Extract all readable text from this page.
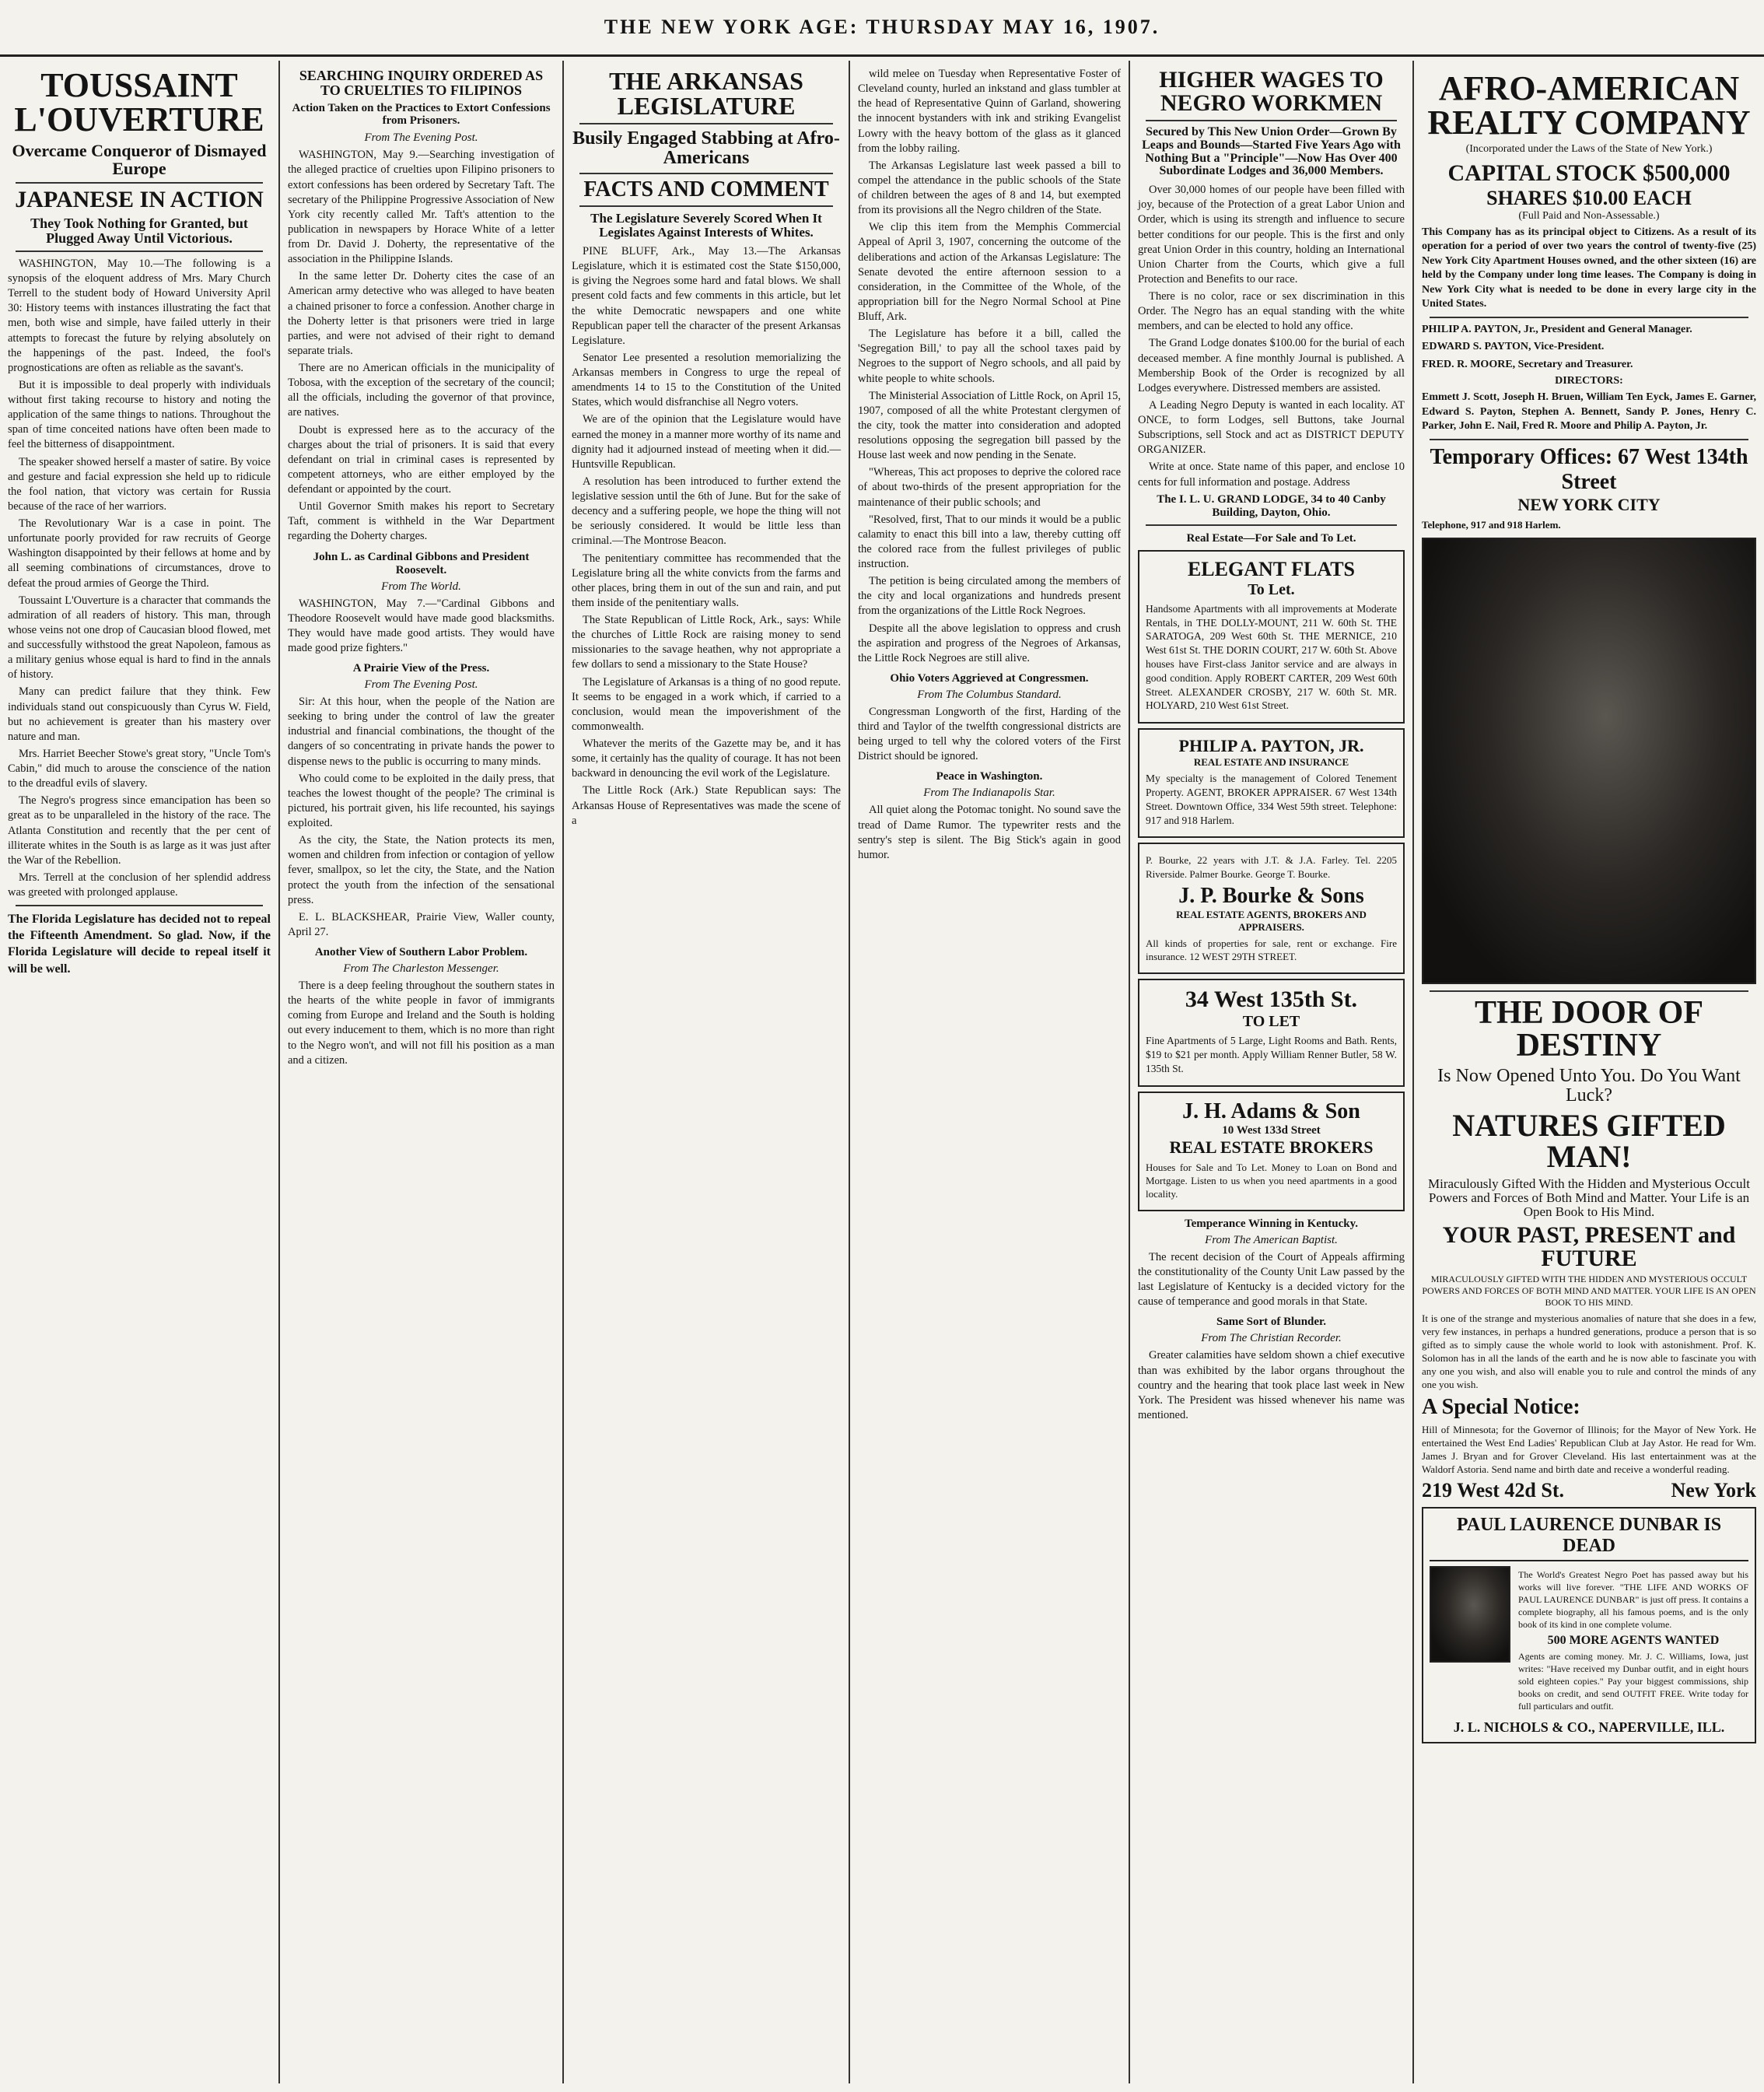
THE NEW YORK AGE: THURSDAY MAY 16, 1907.
TOUSSAINT L'OUVERTURE
Overcame Conqueror of Dismayed Europe
JAPANESE IN ACTION
They Took Nothing for Granted, but Plugged Away Until Victorious.

WASHINGTON, May 10.—The following is a synopsis of the eloquent address of Mrs. Mary Church Terrell to the student body of Howard University April 30: History teems with instances illustrating the fact that men, both wise and simple, have failed utterly in their attempts to forecast the future by relying absolutely on the happenings of the past. Indeed, the fool's prognostications are often as reliable as the savant's.

But it is impossible to deal properly with individuals without first taking recourse to history and noting the application of the same things to nations. Throughout the span of time conceited nations have often been made to feel the bitterness of disappointment.

The speaker showed herself a master of satire. By voice and gesture and facial expression she held up to ridicule the fool nation, that victory was certain for Russia because of the race of her warriors.

The Revolutionary War is a case in point. The unfortunate poorly provided for raw recruits of George Washington disappointed by their fellows at home and by all seeming combinations of circumstances, drove to defeat the proud armies of George the Third.

Toussaint L'Ouverture is a character that commands the admiration of all readers of history. This man, through whose veins not one drop of Caucasian blood flowed, met and successfully withstood the great Napoleon, famous as a military genius whose equal is hard to find in the annals of history.

Many can predict failure that they think. Few individuals stand out conspicuously than Cyrus W. Field, but no achievement is greater than his mastery over nature and man.

Mrs. Harriet Beecher Stowe's great story, "Uncle Tom's Cabin," did much to arouse the conscience of the nation to the dreadful evils of slavery.

The Negro's progress since emancipation has been so great as to be unparalleled in the history of the race. The Atlanta Constitution and recently that the per cent of illiterate whites in the South is as large as it was just after the War of the Rebellion.

Mrs. Terrell at the conclusion of her splendid address was greeted with prolonged applause.

The Florida Legislature has decided not to repeal the Fifteenth Amendment. So glad. Now, if the Florida Legislature will decide to repeal itself it will be well.
SEARCHING INQUIRY ORDERED AS TO CRUELTIES TO FILIPINOS
Action Taken on the Practices to Extort Confessions from Prisoners.
From The Evening Post.

WASHINGTON, May 9.—Searching investigation of the alleged practice of cruelties upon Filipino prisoners to extort confessions has been ordered by Secretary Taft. The secretary of the Philippine Progressive Association of New York city recently called Mr. Taft's attention to the publication in newspapers by Horace White of a letter from Dr. David J. Doherty, the representative of the association in the Philippine Islands.

In the same letter Dr. Doherty cites the case of an American army detective who was alleged to have beaten a chained prisoner to force a confession. Another charge in the Doherty letter is that prisoners were tried in large parties, and were not advised of their right to demand separate trials.

There are no American officials in the municipality of Tobosa, with the exception of the secretary of the council; all the officials, including the governor of that province, are natives.

Doubt is expressed here as to the accuracy of the charges about the trial of prisoners. It is said that every defendant on trial in criminal cases is represented by competent attorneys, who are either employed by the defendant or appointed by the court.

Until Governor Smith makes his report to Secretary Taft, comment is withheld in the War Department regarding the Doherty charges.

John L. as Cardinal Gibbons and President Roosevelt.
From The World.

WASHINGTON, May 7.—"Cardinal Gibbons and Theodore Roosevelt would have made good blacksmiths. They would have made good artists. They would have made good prize fighters."

A Prairie View of the Press.
From The Evening Post.

Sir: At this hour, when the people of the Nation are seeking to bring under the control of law the greater industrial and financial combinations, the thought of the dangers of so concentrating in private hands the power to dispense news to the public is occurring to many minds.

Who could come to be exploited in the daily press, that teaches the lowest thought of the people? The criminal is pictured, his portrait given, his life recounted, his sayings exploited.

As the city, the State, the Nation protects its men, women and children from infection or contagion of yellow fever, smallpox, so let the city, the State, and the Nation protect the youth from the infection of the sensational press.

E. L. BLACKSHEAR, Prairie View, Waller county, April 27.

Another View of Southern Labor Problem.
From The Charleston Messenger.

There is a deep feeling throughout the southern states in the hearts of the white people in favor of immigrants coming from Europe and Ireland and the South is holding out every inducement to them, which is no more than right to the Negro won't, and will not fill his position as a man and a citizen.

THE ARKANSAS LEGISLATURE
Busily Engaged Stabbing at Afro-Americans
FACTS AND COMMENT
The Legislature Severely Scored When It Legislates Against Interests of Whites.

PINE BLUFF, Ark., May 13.—The Arkansas Legislature, which it is estimated cost the State $150,000, is giving the Negroes some hard and fatal blows. We shall present cold facts and few comments in this article, but let the white Democratic newspapers and one white Republican paper tell the character of the present Arkansas Legislature.

Senator Lee presented a resolution memorializing the Arkansas members in Congress to urge the repeal of amendments 14 to 15 to the Constitution of the United States, which would disfranchise all Negro voters.

We are of the opinion that the Legislature would have earned the money in a manner more worthy of its name and dignity had it adjourned instead of meeting when it did.—Huntsville Republican.

A resolution has been introduced to further extend the legislative session until the 6th of June. But for the sake of decency and a suffering people, we hope the thing will not be seriously considered. It would be little less than criminal.—The Montrose Beacon.

The penitentiary committee has recommended that the Legislature bring all the white convicts from the farms and other places, bring them in out of the sun and rain, and put them inside of the penitentiary walls.

The State Republican of Little Rock, Ark., says: While the churches of Little Rock are raising money to send missionaries to the savage heathen, why not appropriate a few dollars to send a missionary to the State House?

The Legislature of Arkansas is a thing of no good repute. It seems to be engaged in a work which, if carried to a conclusion, would mean the impoverishment of the commonwealth.

Whatever the merits of the Gazette may be, and it has some, it certainly has the quality of courage. It has not been backward in denouncing the evil work of the Legislature.

The Little Rock (Ark.) State Republican says: The Arkansas House of Representatives was made the scene of a

wild melee on Tuesday when Representative Foster of Cleveland county, hurled an inkstand and glass tumbler at the head of Representative Quinn of Garland, showering the innocent bystanders with ink and striking Evangelist Lowry with the heavy bottom of the glass as it glanced from the lobby railing.

The Arkansas Legislature last week passed a bill to compel the attendance in the public schools of the State of children between the ages of 8 and 14, but exempted from its provisions all the Negro children of the State.

We clip this item from the Memphis Commercial Appeal of April 3, 1907, concerning the outcome of the deliberations and action of the Arkansas Legislature: The Senate devoted the entire afternoon session to a consideration, in the Committee of the Whole, of the appropriation bill for the Negro Normal School at Pine Bluff, Ark.

The Legislature has before it a bill, called the 'Segregation Bill,' to pay all the school taxes paid by Negroes to the support of Negro schools, and all paid by white people to white schools.

The Ministerial Association of Little Rock, on April 15, 1907, composed of all the white Protestant clergymen of the city, took the matter into consideration and adopted resolutions opposing the segregation bill passed by the House last week and now pending in the Senate.

"Whereas, This act proposes to deprive the colored race of about two-thirds of the present appropriation for the maintenance of their public schools; and

"Resolved, first, That to our minds it would be a public calamity to enact this bill into a law, thereby cutting off the colored race from the fullest privileges of public instruction.

The petition is being circulated among the members of the city and local organizations and hundreds present from the organizations of the Little Rock Negroes.

Despite all the above legislation to oppress and crush the aspiration and progress of the Negroes of Arkansas, the Little Rock Negroes are still alive.

Ohio Voters Aggrieved at Congressmen.
From The Columbus Standard.

Congressman Longworth of the first, Harding of the third and Taylor of the twelfth congressional districts are being urged to tell why the colored voters of the First District should be ignored.

Peace in Washington.
From The Indianapolis Star.

All quiet along the Potomac tonight. No sound save the tread of Dame Rumor. The typewriter rests and the sentry's step is silent. The Big Stick's again in good humor.

HIGHER WAGES TO NEGRO WORKMEN
Secured by This New Union Order—Grown By Leaps and Bounds—Started Five Years Ago with Nothing But a "Principle"—Now Has Over 400 Subordinate Lodges and 36,000 Members.

Over 30,000 homes of our people have been filled with joy, because of the Protection of a great Labor Union and Order, which is using its strength and influence to secure better conditions for our people. This is the first and only great Union Order in this country, holding an International Union Charter from the Courts, which give a full Protection and Benefits to our race.

There is no color, race or sex discrimination in this Order. The Negro has an equal standing with the white members, and can be elected to hold any office.

The Grand Lodge donates $100.00 for the burial of each deceased member. A fine monthly Journal is published. A Membership Book of the Order is recognized by all Lodges everywhere. Distressed members are assisted.

A Leading Negro Deputy is wanted in each locality. AT ONCE, to form Lodges, sell Buttons, take Journal Subscriptions, sell Stock and act as DISTRICT DEPUTY ORGANIZER.

Write at once. State name of this paper, and enclose 10 cents for full information and postage. Address

The I. L. U. GRAND LODGE, 34 to 40 Canby Building, Dayton, Ohio.
Real Estate—For Sale and To Let.
ELEGANT FLATS
To Let.
Handsome Apartments with all improvements at Moderate Rentals, in THE DOLLY-MOUNT, 211 W. 60th St. THE SARATOGA, 209 West 60th St. THE MERNICE, 210 West 61st St. THE DORIN COURT, 217 W. 60th St. Above houses have First-class Janitor service and are always in good condition. Apply ROBERT CARTER, 209 West 60th Street. ALEXANDER CROSBY, 217 W. 60th St. MR. HOLYARD, 210 West 61st Street.
PHILIP A. PAYTON, JR.
REAL ESTATE AND INSURANCE
My specialty is the management of Colored Tenement Property. AGENT, BROKER APPRAISER. 67 West 134th Street. Downtown Office, 334 West 59th street. Telephone: 917 and 918 Harlem.
P. Bourke, 22 years with J.T. & J.A. Farley. Tel. 2205 Riverside. Palmer Bourke. George T. Bourke.
J. P. Bourke & Sons
REAL ESTATE AGENTS, BROKERS AND APPRAISERS.
All kinds of properties for sale, rent or exchange. Fire insurance. 12 WEST 29TH STREET.
34 West 135th St.
TO LET
Fine Apartments of 5 Large, Light Rooms and Bath. Rents, $19 to $21 per month. Apply William Renner Butler, 58 W. 135th St.
J. H. Adams & Son
10 West 133d Street
REAL ESTATE BROKERS
Houses for Sale and To Let. Money to Loan on Bond and Mortgage. Listen to us when you need apartments in a good locality.
Temperance Winning in Kentucky.
From The American Baptist.

The recent decision of the Court of Appeals affirming the constitutionality of the County Unit Law passed by the last Legislature of Kentucky is a decided victory for the cause of temperance and good morals in that State.

Same Sort of Blunder.
From The Christian Recorder.

Greater calamities have seldom shown a chief executive than was exhibited by the labor organs throughout the country and the hearing that took place last week in New York. The President was hissed whenever his name was mentioned.

AFRO-AMERICAN REALTY COMPANY
(Incorporated under the Laws of the State of New York.)
CAPITAL STOCK $500,000
SHARES $10.00 EACH
(Full Paid and Non-Assessable.)
This Company has as its principal object to Citizens. As a result of its operation for a period of over two years the control of twenty-five (25) New York City Apartment Houses owned, and the other sixteen (16) are held by the Company under long time leases. The Company is doing in New York City what is needed to be done in every large city in the United States.
PHILIP A. PAYTON, Jr., President and General Manager.
EDWARD S. PAYTON, Vice-President.
FRED. R. MOORE, Secretary and Treasurer.
DIRECTORS:
Emmett J. Scott, Joseph H. Bruen, William Ten Eyck, James E. Garner, Edward S. Payton, Stephen A. Bennett, Sandy P. Jones, Henry C. Parker, John E. Nail, Fred R. Moore and Philip A. Payton, Jr.
Temporary Offices: 67 West 134th Street
NEW YORK CITY
Telephone, 917 and 918 Harlem.
THE DOOR OF DESTINY
Is Now Opened Unto You. Do You Want Luck?
NATURES GIFTED MAN!
Miraculously Gifted With the Hidden and Mysterious Occult Powers and Forces of Both Mind and Matter. Your Life is an Open Book to His Mind.
YOUR PAST, PRESENT and FUTURE
MIRACULOUSLY GIFTED WITH THE HIDDEN AND MYSTERIOUS OCCULT POWERS AND FORCES OF BOTH MIND AND MATTER. YOUR LIFE IS AN OPEN BOOK TO HIS MIND.
It is one of the strange and mysterious anomalies of nature that she does in a few, very few instances, in perhaps a hundred generations, produce a person that is so gifted as to simply cause the whole world to look with astonishment. Prof. K. Solomon has in all the lands of the earth and he is now able to fascinate you with any one you wish, and also will enable you to rule and control the minds of any one you wish.
A Special Notice:
Hill of Minnesota; for the Governor of Illinois; for the Mayor of New York. He entertained the West End Ladies' Republican Club at Jay Astor. He read for Wm. James J. Bryan and for Grover Cleveland. His last entertainment was at the Waldorf Astoria. Send name and birth date and receive a wonderful reading.
219 West 42d St.	New York
PAUL LAURENCE DUNBAR IS DEAD
The World's Greatest Negro Poet has passed away but his works will live forever. "THE LIFE AND WORKS OF PAUL LAURENCE DUNBAR" is just off press. It contains a complete biography, all his famous poems, and is the only book of its kind in one complete volume.
500 MORE AGENTS WANTED
Agents are coming money. Mr. J. C. Williams, Iowa, just writes: "Have received my Dunbar outfit, and in eight hours sold eighteen copies." Pay your biggest commissions, ship books on credit, and send OUTFIT FREE. Write today for full particulars and outfit.
J. L. NICHOLS & CO., NAPERVILLE, ILL.
